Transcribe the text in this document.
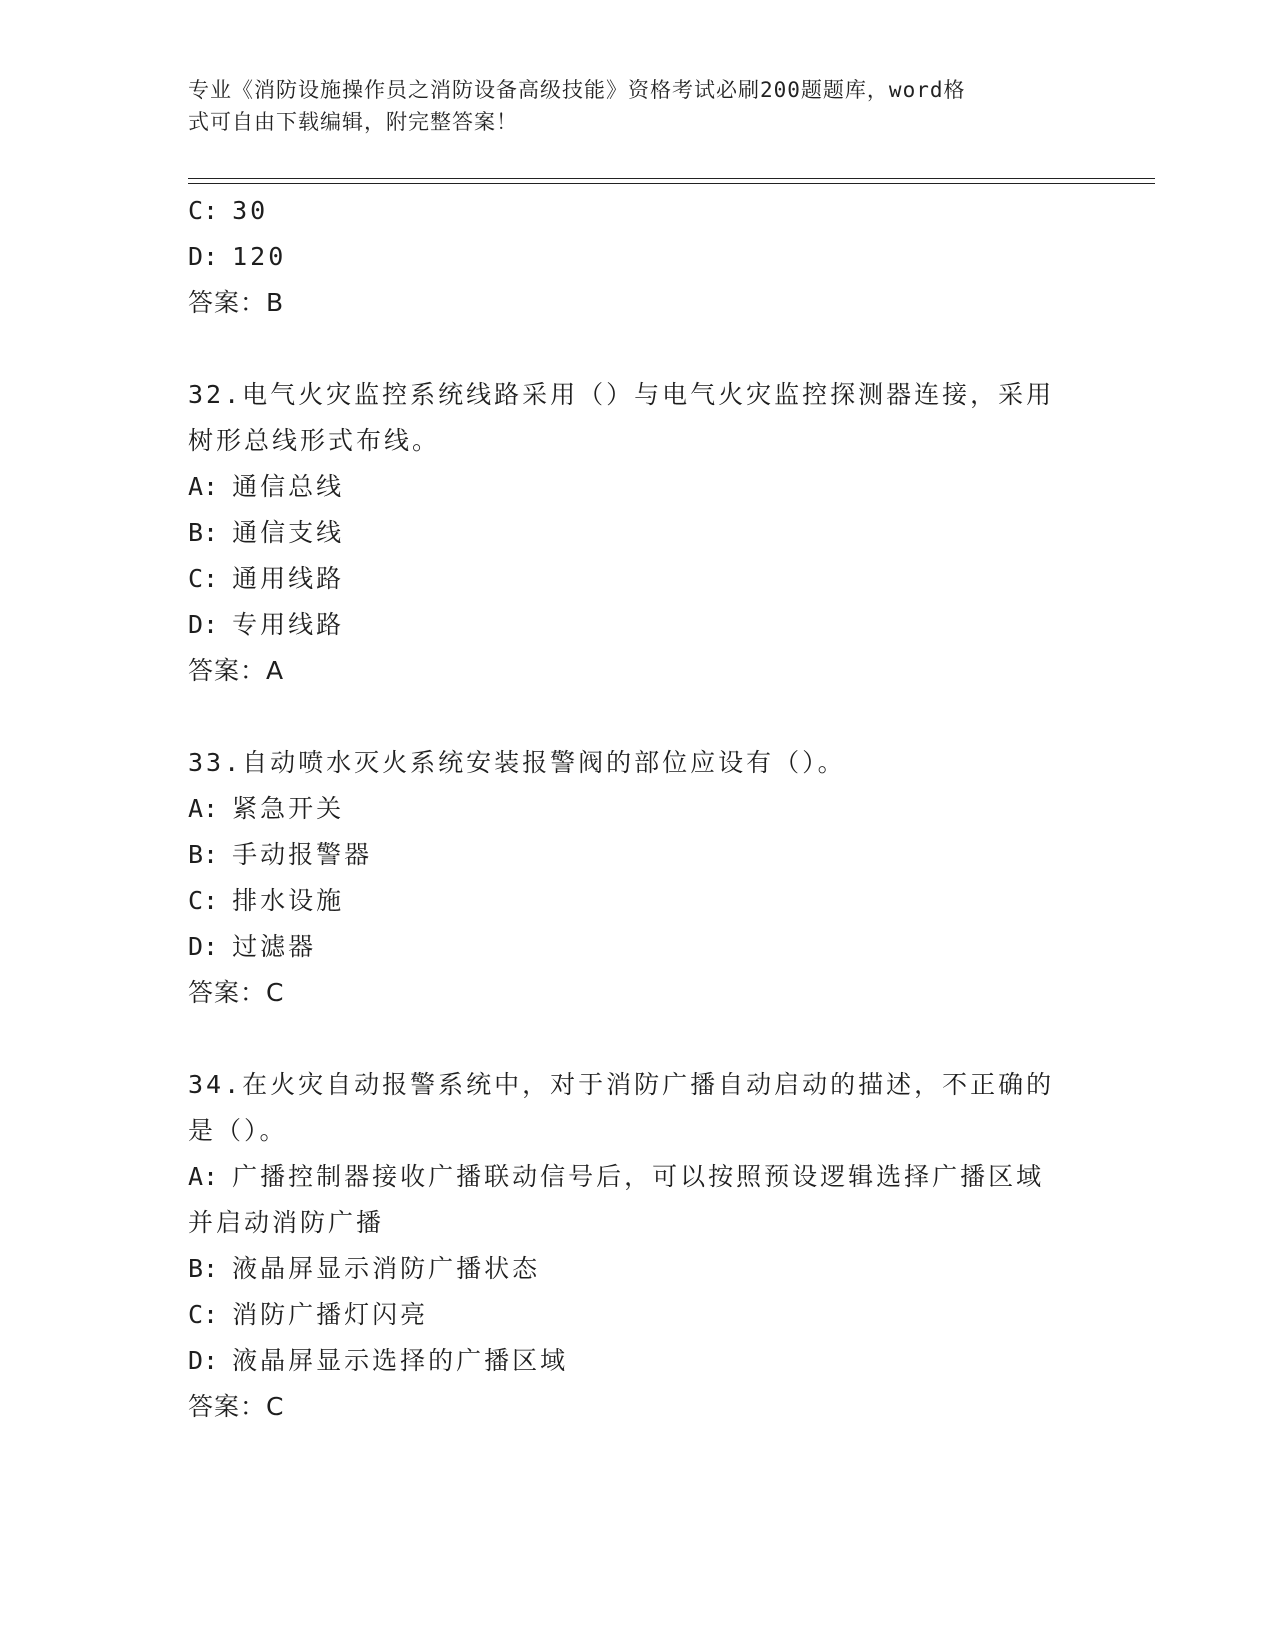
专业《消防设施操作员之消防设备高级技能》资格考试必刷200题题库，word格
式可自由下载编辑，附完整答案！
C: 30
D: 120
答案：B
32.电气火灾监控系统线路采用（）与电气火灾监控探测器连接，采用
树形总线形式布线。
A: 通信总线
B: 通信支线
C: 通用线路
D: 专用线路
答案：A
33.自动喷水灭火系统安装报警阀的部位应设有（）。
A: 紧急开关
B: 手动报警器
C: 排水设施
D: 过滤器
答案：C
34.在火灾自动报警系统中，对于消防广播自动启动的描述，不正确的
是（）。
A: 广播控制器接收广播联动信号后，可以按照预设逻辑选择广播区域
并启动消防广播
B: 液晶屏显示消防广播状态
C: 消防广播灯闪亮
D: 液晶屏显示选择的广播区域
答案：C
